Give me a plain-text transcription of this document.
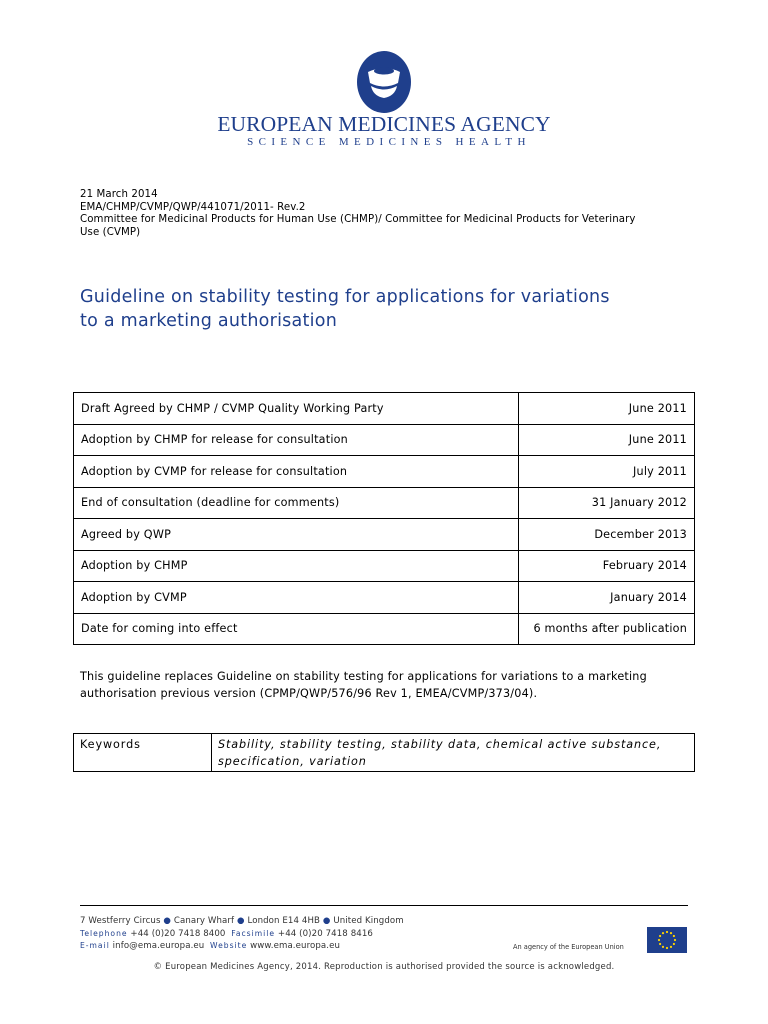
EUROPEAN MEDICINES AGENCY
SCIENCE MEDICINES HEALTH
21 March 2014
EMA/CHMP/CVMP/QWP/441071/2011- Rev.2
Committee for Medicinal Products for Human Use (CHMP)/ Committee for Medicinal Products for Veterinary
Use (CVMP)
Guideline on stability testing for applications for variations
to a marketing authorisation
Draft Agreed by CHMP / CVMP Quality Working Party	June 2011
Adoption by CHMP for release for consultation	June 2011
Adoption by CVMP for release for consultation	July 2011
End of consultation (deadline for comments)	31 January 2012
Agreed by QWP	December 2013
Adoption by CHMP	February 2014
Adoption by CVMP	January 2014
Date for coming into effect	6 months after publication
This guideline replaces Guideline on stability testing for applications for variations to a marketing
authorisation previous version (CPMP/QWP/576/96 Rev 1, EMEA/CVMP/373/04).
Keywords	Stability, stability testing, stability data, chemical active substance,
specification, variation
7 Westferry Circus ● Canary Wharf ● London E14 4HB ● United Kingdom
Telephone +44 (0)20 7418 8400 Facsimile +44 (0)20 7418 8416
E-mail info@ema.europa.eu Website www.ema.europa.eu	An agency of the European Union
© European Medicines Agency, 2014. Reproduction is authorised provided the source is acknowledged.
